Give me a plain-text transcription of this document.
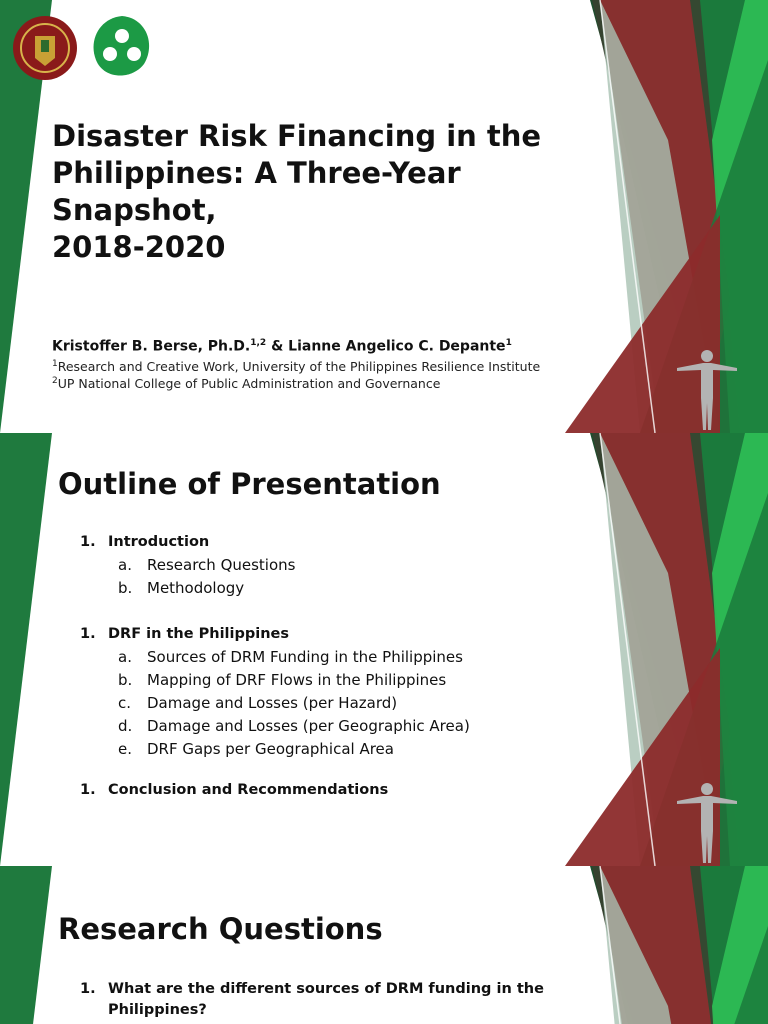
Disaster Risk Financing in the
Philippines: A Three-Year Snapshot,
2018-2020
Kristoffer B. Berse, Ph.D.$^{1,2}$ & Lianne Angelico C. Depante$^1$
$^1$Research and Creative Work, University of the Philippines Resilience Institute
$^2$UP National College of Public Administration and Governance
Outline of Presentation
1. Introduction
a. Research Questions
b. Methodology
1. DRF in the Philippines
a. Sources of DRM Funding in the Philippines
b. Mapping of DRF Flows in the Philippines
c. Damage and Losses (per Hazard)
d. Damage and Losses (per Geographic Area)
e. DRF Gaps per Geographical Area
1. Conclusion and Recommendations
Research Questions
1. What are the different sources of DRM funding in the
Philippines?
